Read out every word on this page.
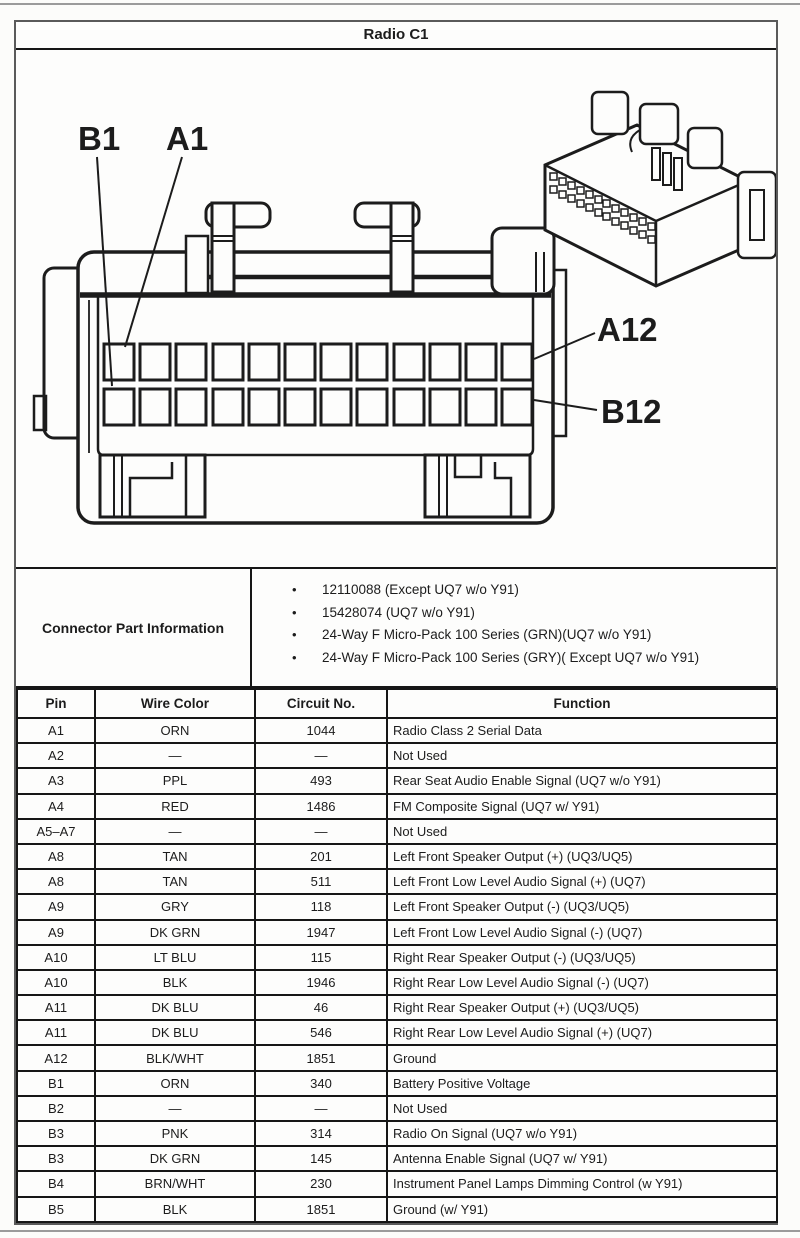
Radio C1
B1 A1
A12
B12
Connector Part Information
•	12110088 (Except UQ7 w/o Y91)
•	15428074 (UQ7 w/o Y91)
•	24-Way F Micro-Pack 100 Series (GRN)(UQ7 w/o Y91)
•	24-Way F Micro-Pack 100 Series (GRY)( Except UQ7 w/o Y91)
Pin	Wire Color	Circuit No.	Function
A1	ORN	1044	Radio Class 2 Serial Data
A2	—	—	Not Used
A3	PPL	493	Rear Seat Audio Enable Signal (UQ7 w/o Y91)
A4	RED	1486	FM Composite Signal (UQ7 w/ Y91)
A5–A7	—	—	Not Used
A8	TAN	201	Left Front Speaker Output (+) (UQ3/UQ5)
A8	TAN	511	Left Front Low Level Audio Signal (+) (UQ7)
A9	GRY	118	Left Front Speaker Output (-) (UQ3/UQ5)
A9	DK GRN	1947	Left Front Low Level Audio Signal (-) (UQ7)
A10	LT BLU	115	Right Rear Speaker Output (-) (UQ3/UQ5)
A10	BLK	1946	Right Rear Low Level Audio Signal (-) (UQ7)
A11	DK BLU	46	Right Rear Speaker Output (+) (UQ3/UQ5)
A11	DK BLU	546	Right Rear Low Level Audio Signal (+) (UQ7)
A12	BLK/WHT	1851	Ground
B1	ORN	340	Battery Positive Voltage
B2	—	—	Not Used
B3	PNK	314	Radio On Signal (UQ7 w/o Y91)
B3	DK GRN	145	Antenna Enable Signal (UQ7 w/ Y91)
B4	BRN/WHT	230	Instrument Panel Lamps Dimming Control (w Y91)
B5	BLK	1851	Ground (w/ Y91)
